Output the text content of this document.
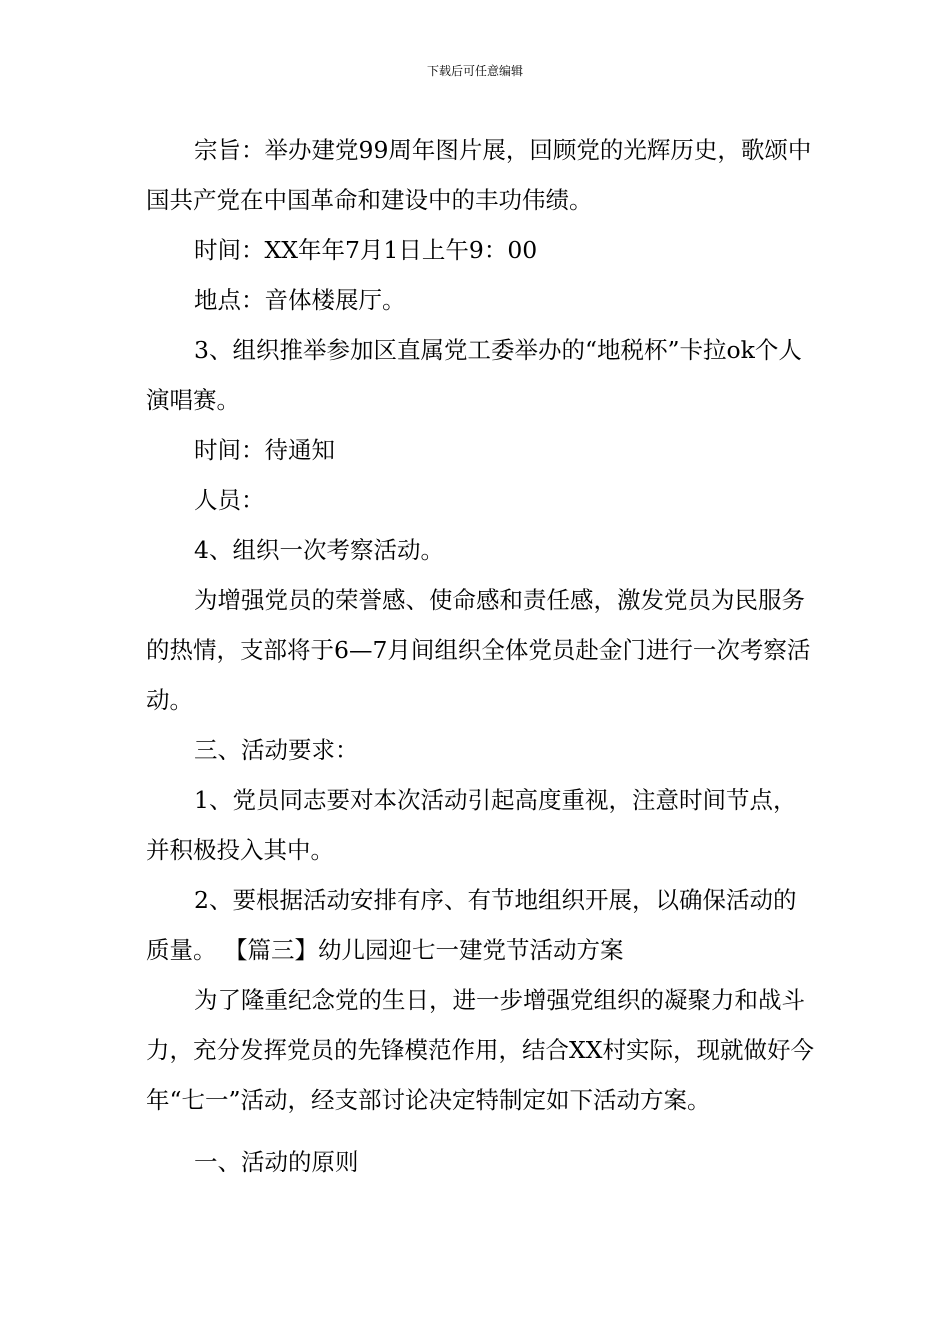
下载后可任意编辑

宗旨：举办建党99周年图片展，回顾党的光辉历史，歌颂中国共产党在中国革命和建设中的丰功伟绩。

时间：XX年年7月1日上午9：00

地点：音体楼展厅。

3、组织推举参加区直属党工委举办的“地税杯”卡拉ok个人演唱赛。

时间：待通知

人员：

4、组织一次考察活动。

为增强党员的荣誉感、使命感和责任感，激发党员为民服务的热情，支部将于6—7月间组织全体党员赴金门进行一次考察活动。

三、活动要求：

1、党员同志要对本次活动引起高度重视，注意时间节点，并积极投入其中。

2、要根据活动安排有序、有节地组织开展，以确保活动的质量。 【篇三】幼儿园迎七一建党节活动方案

为了隆重纪念党的生日，进一步增强党组织的凝聚力和战斗力，充分发挥党员的先锋模范作用，结合XX村实际，现就做好今年“七一”活动，经支部讨论决定特制定如下活动方案。

一、活动的原则
